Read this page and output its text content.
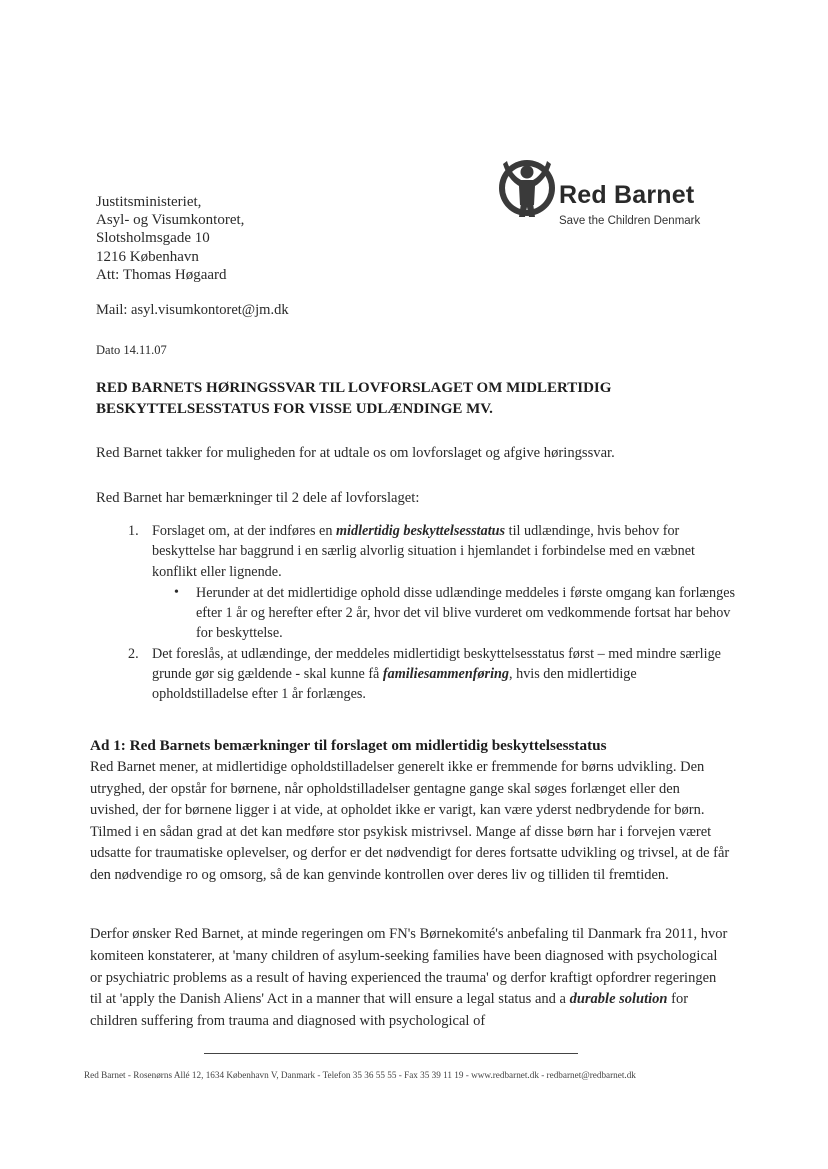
Red Barnet
Save the Children Denmark
Justitsministeriet,
Asyl- og Visumkontoret,
Slotsholmsgade 10
1216 København
Att: Thomas Høgaard
Mail: asyl.visumkontoret@jm.dk
Dato 14.11.07
RED BARNETS HØRINGSSVAR TIL LOVFORSLAGET OM MIDLERTIDIG BESKYTTELSESSTATUS FOR VISSE UDLÆNDINGE MV.
Red Barnet takker for muligheden for at udtale os om lovforslaget og afgive høringssvar.
Red Barnet har bemærkninger til 2 dele af lovforslaget:
1. Forslaget om, at der indføres en midlertidig beskyttelsesstatus til udlændinge, hvis behov for beskyttelse har baggrund i en særlig alvorlig situation i hjemlandet i forbindelse med en væbnet konflikt eller lignende.
• Herunder at det midlertidige ophold disse udlændinge meddeles i første omgang kan forlænges efter 1 år og herefter efter 2 år, hvor det vil blive vurderet om vedkommende fortsat har behov for beskyttelse.
2. Det foreslås, at udlændinge, der meddeles midlertidigt beskyttelsesstatus først – med mindre særlige grunde gør sig gældende - skal kunne få familiesammenføring, hvis den midlertidige opholdstilladelse efter 1 år forlænges.
Ad 1: Red Barnets bemærkninger til forslaget om midlertidig beskyttelsesstatus
Red Barnet mener, at midlertidige opholdstilladelser generelt ikke er fremmende for børns udvikling. Den utryghed, der opstår for børnene, når opholdstilladelser gentagne gange skal søges forlænget eller den uvished, der for børnene ligger i at vide, at opholdet ikke er varigt, kan være yderst nedbrydende for børn. Tilmed i en sådan grad at det kan medføre stor psykisk mistrivsel. Mange af disse børn har i forvejen været udsatte for traumatiske oplevelser, og derfor er det nødvendigt for deres fortsatte udvikling og trivsel, at de får den nødvendige ro og omsorg, så de kan genvinde kontrollen over deres liv og tilliden til fremtiden.
Derfor ønsker Red Barnet, at minde regeringen om FN's Børnekomité's anbefaling til Danmark fra 2011, hvor komiteen konstaterer, at 'many children of asylum-seeking families have been diagnosed with psychological or psychiatric problems as a result of having experienced the trauma' og derfor kraftigt opfordrer regeringen til at 'apply the Danish Aliens' Act in a manner that will ensure a legal status and a durable solution for children suffering from trauma and diagnosed with psychological of
Red Barnet - Rosenørns Allé 12, 1634 København V, Danmark - Telefon 35 36 55 55 - Fax 35 39 11 19 - www.redbarnet.dk - redbarnet@redbarnet.dk
